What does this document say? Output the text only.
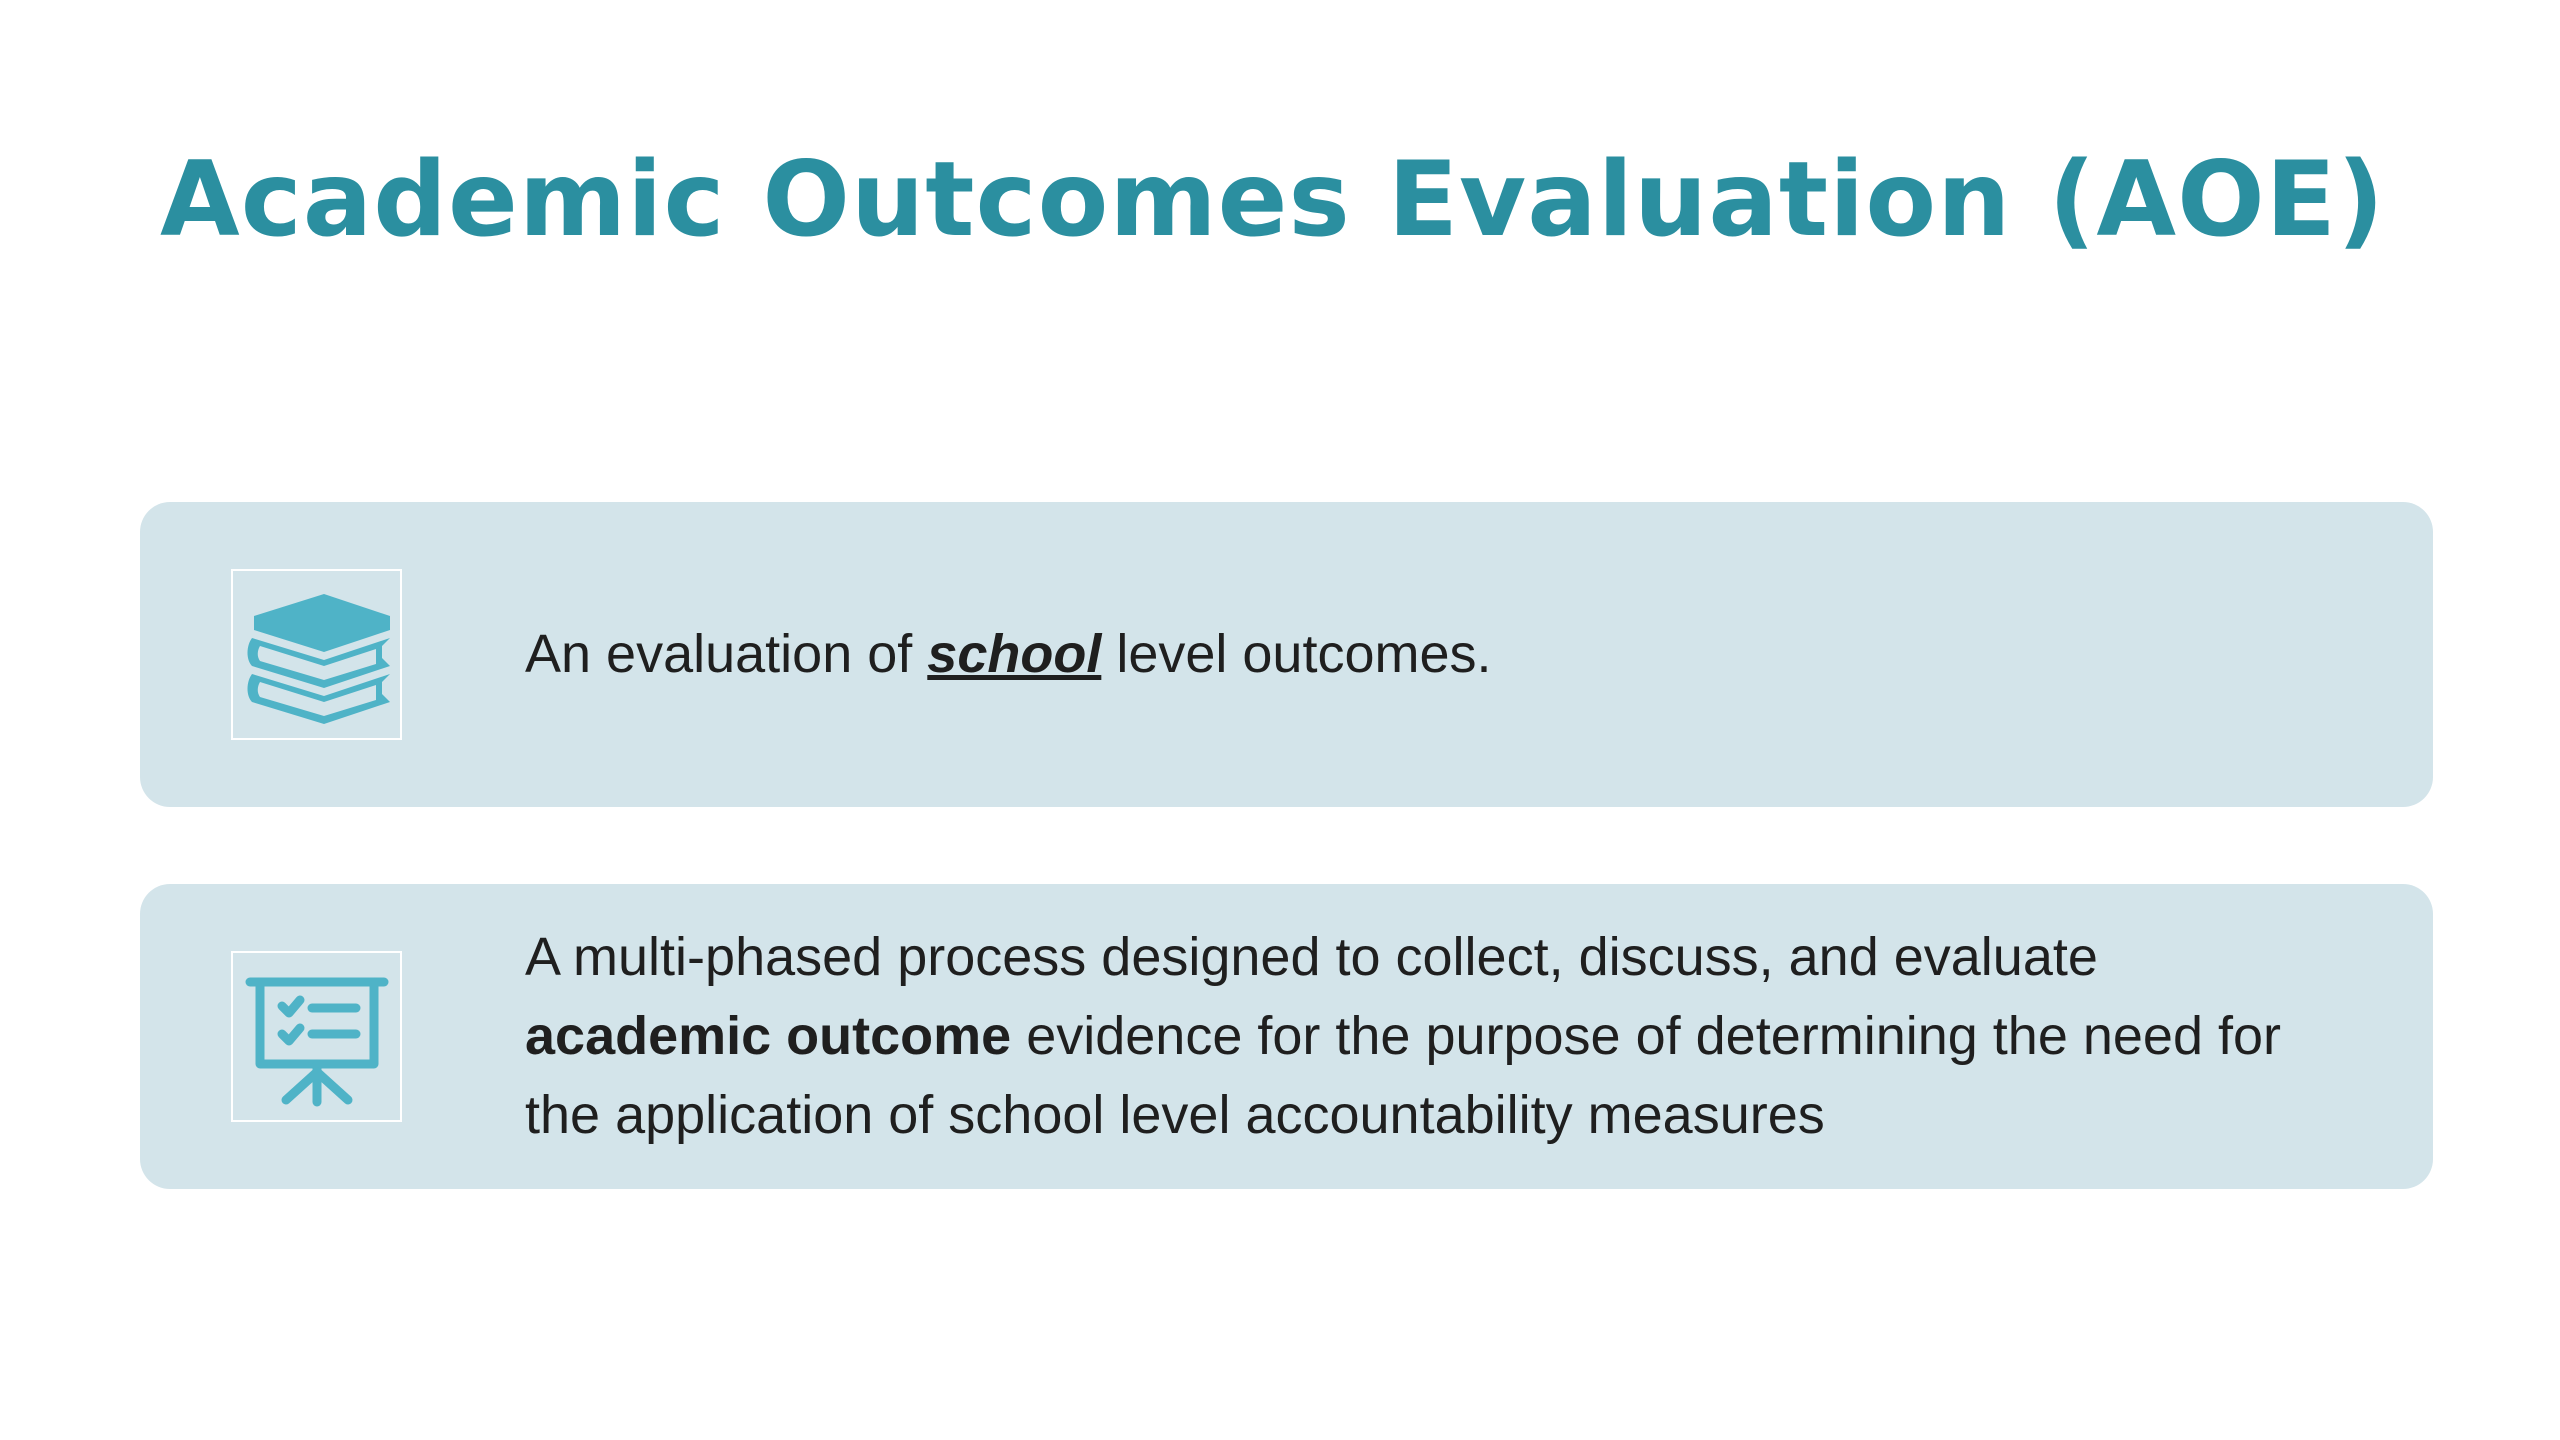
Academic Outcomes Evaluation (AOE)
An evaluation of school level outcomes.
A multi-phased process designed to collect, discuss, and evaluate academic outcome evidence for the purpose of determining the need for the application of school level accountability measures
